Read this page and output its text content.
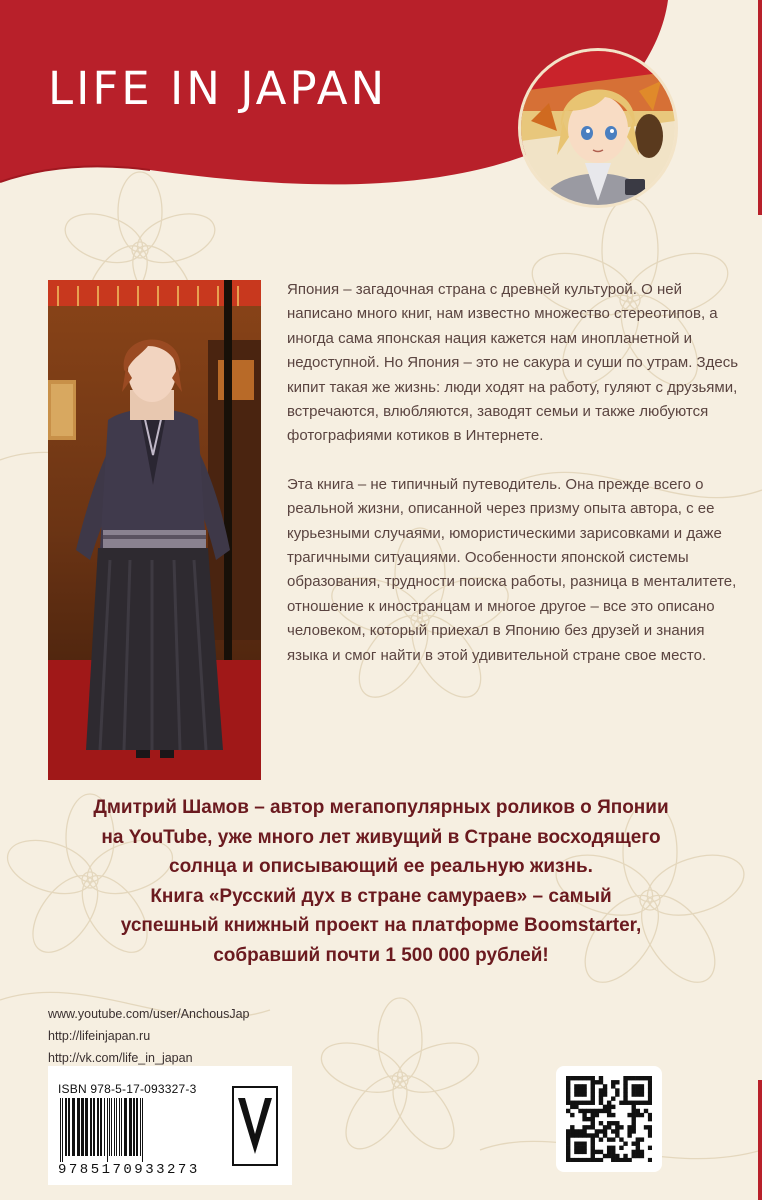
LIFE IN JAPAN

Япония – загадочная страна с древней культурой. О ней написано много книг, нам известно множество стереотипов, а иногда сама японская нация кажется нам инопланетной и недоступной. Но Япония – это не сакура и суши по утрам. Здесь кипит такая же жизнь: люди ходят на работу, гуляют с друзьями, встречаются, влюбляются, заводят семьи и также любуются фотографиями котиков в Интернете.

Эта книга – не типичный путеводитель. Она прежде всего о реальной жизни, описанной через призму опыта автора, с ее курьезными случаями, юмористическими зарисовками и даже трагичными ситуациями. Особенности японской системы образования, трудности поиска работы, разница в менталитете, отношение к иностранцам и многое другое – все это описано человеком, который приехал в Японию без друзей и знания языка и смог найти в этой удивительной стране свое место.

Дмитрий Шамов – автор мегапопулярных роликов о Японии
на YouTube, уже много лет живущий в Стране восходящего
солнца и описывающий ее реальную жизнь.
Книга «Русский дух в стране самураев» – самый
успешный книжный проект на платформе Boomstarter,
собравший почти 1 500 000 рублей!

www.youtube.com/user/AnchousJap
http://lifeinjapan.ru
http://vk.com/life_in_japan
ISBN 978-5-17-093327-3
9785170933273
